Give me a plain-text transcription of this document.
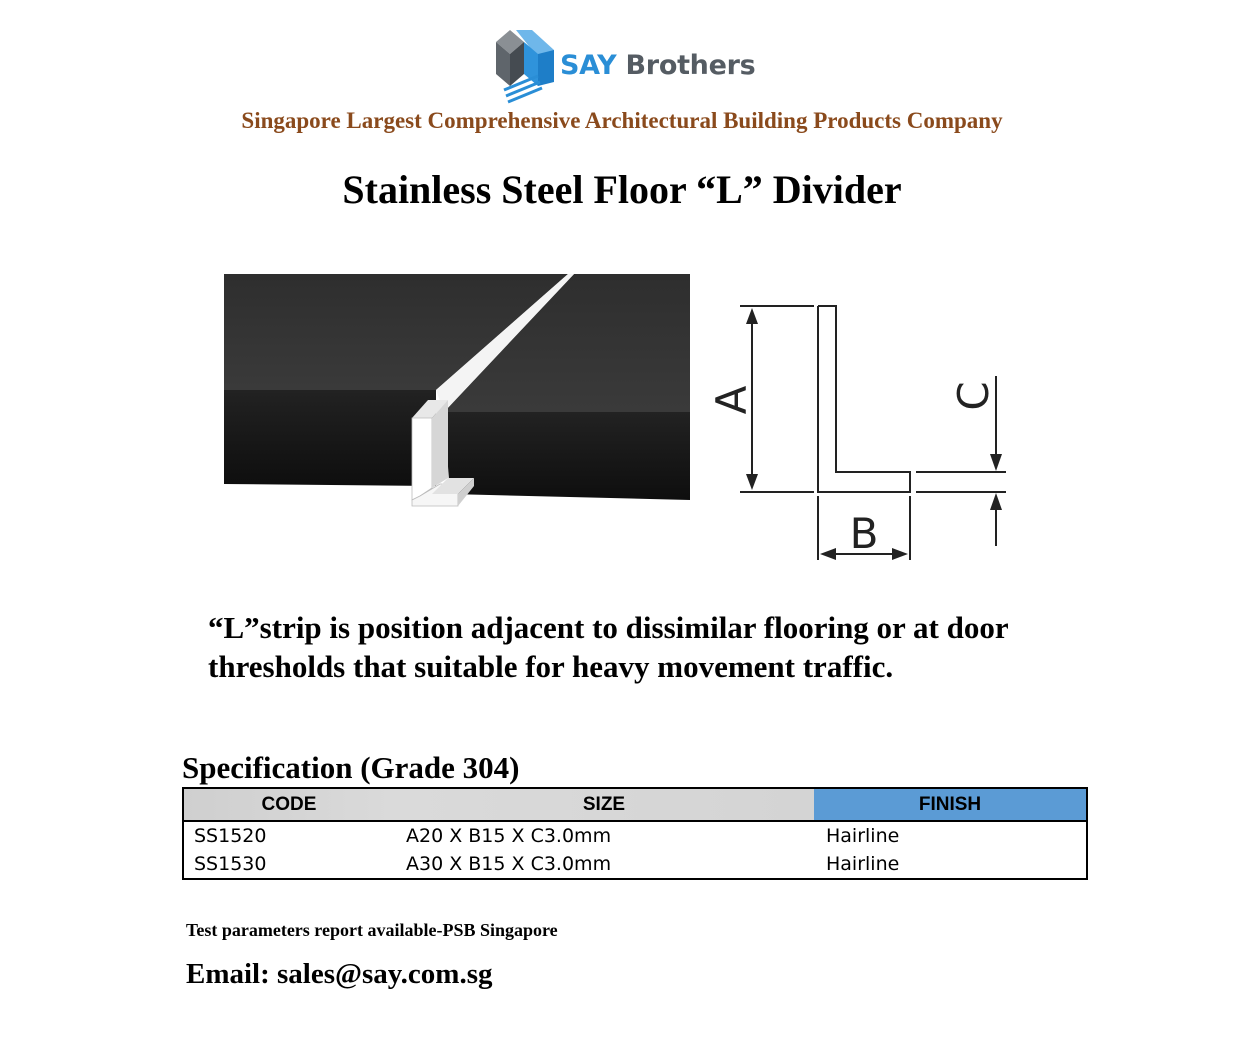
SAY Brothers
Singapore Largest Comprehensive Architectural Building Products Company
Stainless Steel Floor “L” Divider
A
B
C
“L”strip is position adjacent to dissimilar flooring or at door thresholds that suitable for heavy movement traffic.
Specification (Grade 304)
CODE	SIZE	FINISH
SS1520	A20 X B15 X C3.0mm	Hairline
SS1530	A30 X B15 X C3.0mm	Hairline
Test parameters report available-PSB Singapore
Email: sales@say.com.sg
